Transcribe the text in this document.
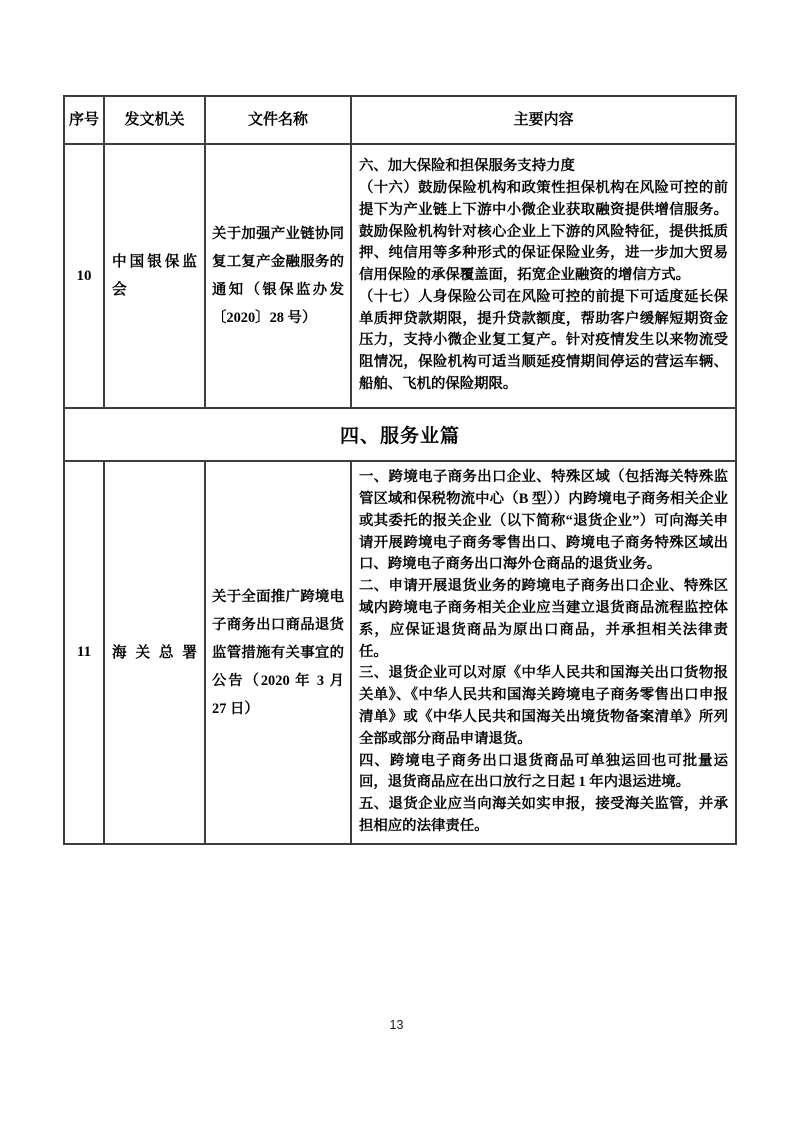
序号	发文机关	文件名称	主要内容
10	中国银保监会	关于加强产业链协同复工复产金融服务的通知（银保监办发〔2020〕28 号）	六、加大保险和担保服务支持力度

（十六）鼓励保险机构和政策性担保机构在风险可控的前提下为产业链上下游中小微企业获取融资提供增信服务。鼓励保险机构针对核心企业上下游的风险特征，提供抵质押、纯信用等多种形式的保证保险业务，进一步加大贸易信用保险的承保覆盖面，拓宽企业融资的增信方式。

（十七）人身保险公司在风险可控的前提下可适度延长保单质押贷款期限，提升贷款额度，帮助客户缓解短期资金压力，支持小微企业复工复产。针对疫情发生以来物流受阻情况，保险机构可适当顺延疫情期间停运的营运车辆、船舶、飞机的保险期限。

四、服务业篇			
11	海关总署	关于全面推广跨境电子商务出口商品退货监管措施有关事宜的公告（2020 年 3 月 27 日）	一、跨境电子商务出口企业、特殊区域（包括海关特殊监管区域和保税物流中心（B 型））内跨境电子商务相关企业或其委托的报关企业（以下简称“退货企业”）可向海关申请开展跨境电子商务零售出口、跨境电子商务特殊区域出口、跨境电子商务出口海外仓商品的退货业务。

二、申请开展退货业务的跨境电子商务出口企业、特殊区域内跨境电子商务相关企业应当建立退货商品流程监控体系，应保证退货商品为原出口商品，并承担相关法律责任。

三、退货企业可以对原《中华人民共和国海关出口货物报关单》、《中华人民共和国海关跨境电子商务零售出口申报清单》或《中华人民共和国海关出境货物备案清单》所列全部或部分商品申请退货。

四、跨境电子商务出口退货商品可单独运回也可批量运回，退货商品应在出口放行之日起 1 年内退运进境。

五、退货企业应当向海关如实申报，接受海关监管，并承担相应的法律责任。

13
